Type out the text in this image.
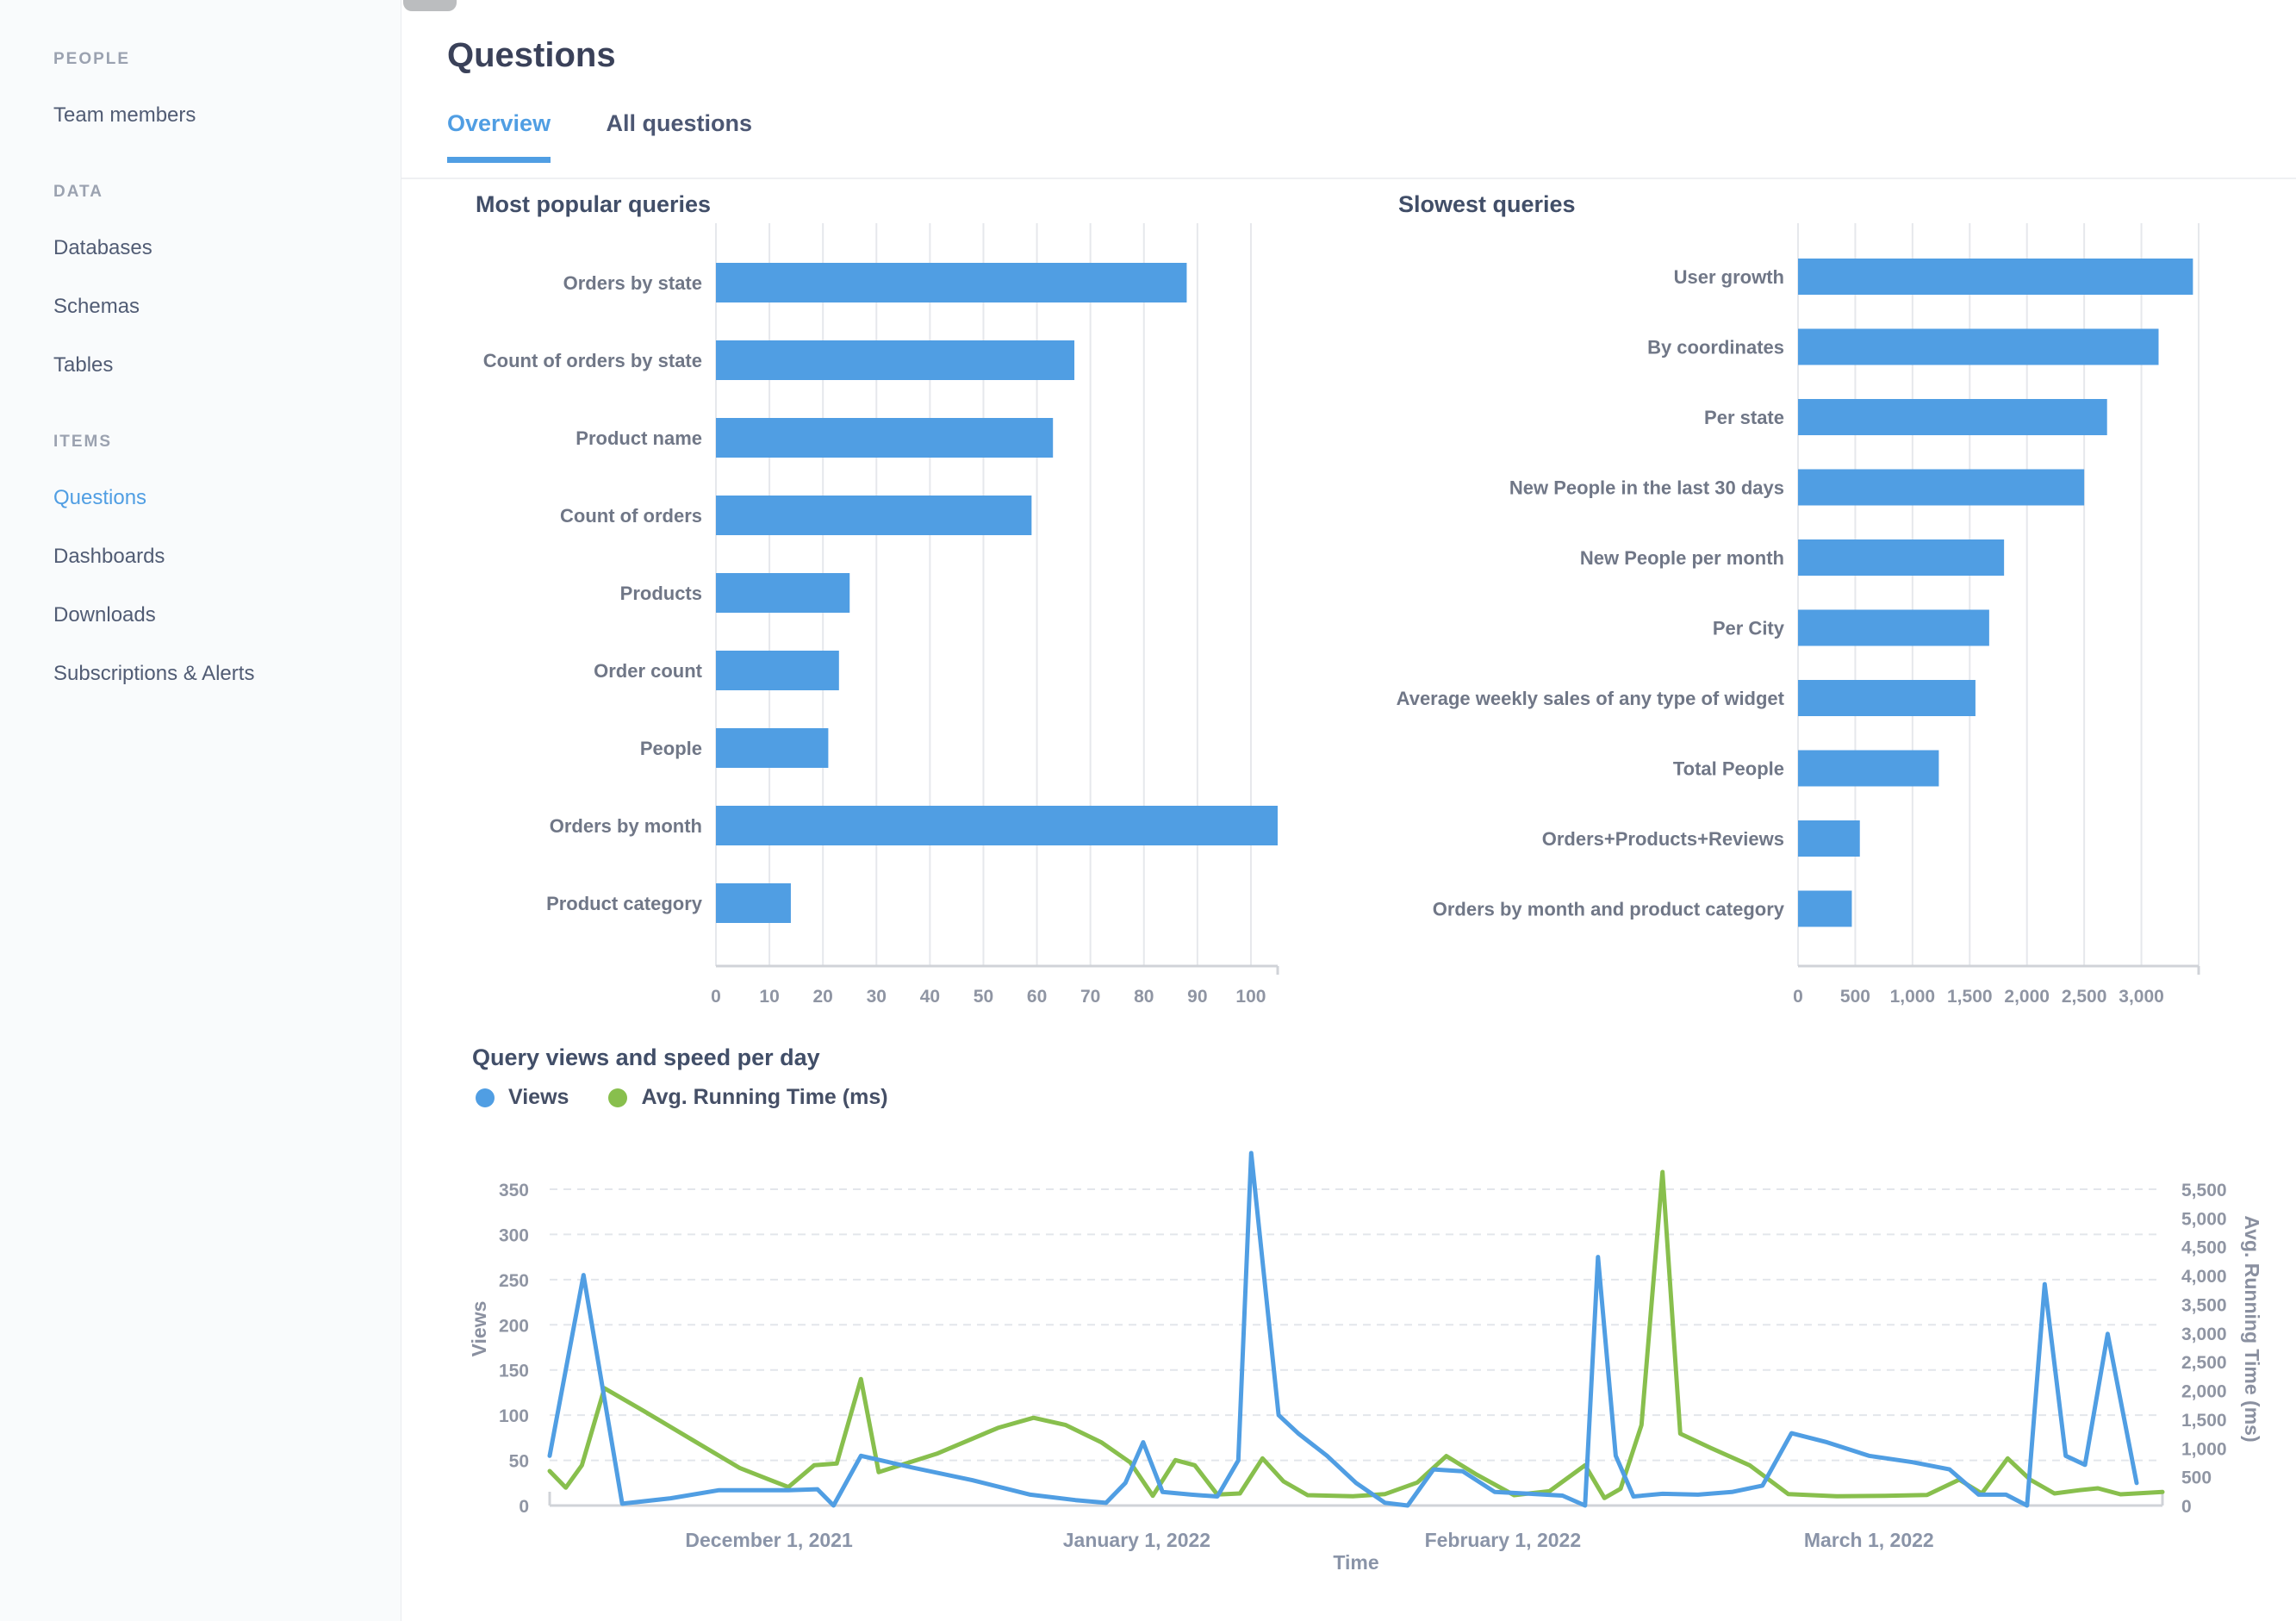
PEOPLE
Team members
DATA
Databases
Schemas
Tables
ITEMS
Questions
Dashboards
Downloads
Subscriptions & Alerts
Questions
Overview All questions
Most popular queries
Orders by state
Count of orders by state
Product name
Count of orders
Products
Order count
People
Orders by month
Product category
0 10 20 30 40 50 60 70 80 90 100
Slowest queries
User growth
By coordinates
Per state
New People in the last 30 days
New People per month
Per City
Average weekly sales of any type of widget
Total People
Orders+Products+Reviews
Orders by month and product category
0 500 1,000 1,500 2,000 2,500 3,000
Query views and speed per day
Views	Avg. Running Time (ms)
0
50
100
150
200
250
300
350
0
500
1,000
1,500
2,000
2,500
3,000
3,500
4,000
4,500
5,000
5,500
December 1, 2021	January 1, 2022	February 1, 2022	March 1, 2022
Views	Avg. Running Time (ms)
Time
